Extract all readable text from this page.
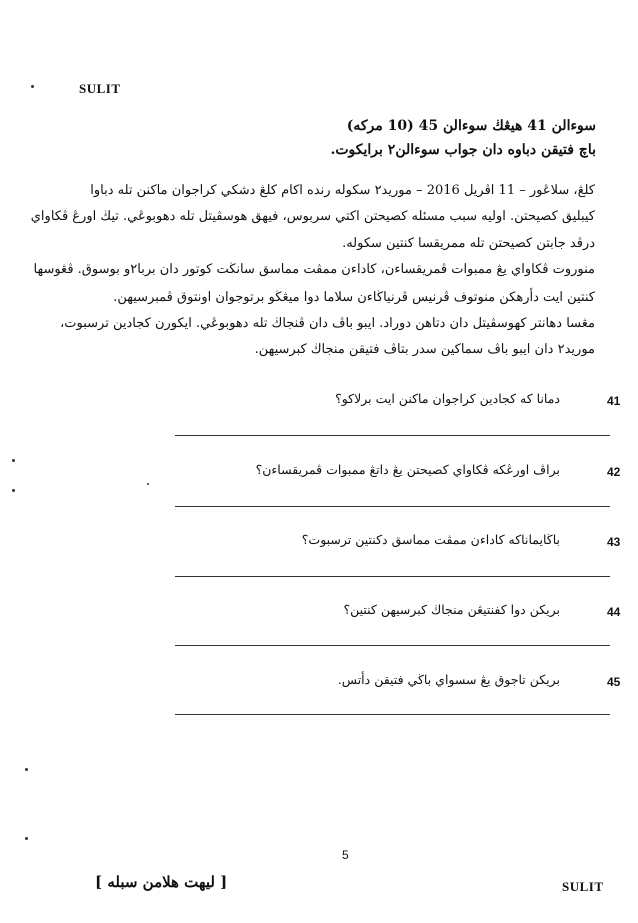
SULIT
سوءالن 41 هيڠڬ سوءالن 45 (10 مرکه)
باچ فتيقن دباوه دان جواب سوءالن٢ برايکوت.
کلڠ، سلاڠور – 11 اڤريل 2016 – موريد٢ سکوله رنده اکام کلڠ دشکي کراجوان ماکنن تله دباوا
کيبليق کصيحتن. اوليه سبب مسئله کصيحتن اکتي سربوس، فيهق هوسڤيتل تله دهوبوڠي. تيڬ اورڠ ڤکاواي
درڤد جابتن کصيحتن تله ممريقسا کنتين سکوله.
منوروت ڤکاواي يڠ ممبوات ڤمريقساءن، کاداءن ممڤت مماسق سانڬت کوتور دان بربا٢و بوسوق. ڤڠوسها
کنتين ايت دأرهکن منوتوف ڤرنيس ڤرنياڬاءن سلاما دوا ميڠڬو برتوجوان اونتوق ڤمبرسيهن.
مڠسا دهانتر کهوسڤيتل دان دتاهن دوراد. ايبو باڤ دان ڤنجاڬ تله دهوبوڠي. ايکورن کجادين ترسبوت،
موريد٢ دان ايبو باڤ سماکين سدر بتاڤ فتيقن منجاڬ کبرسيهن.
41
دمانا که کجادين کراجوان ماکنن ايت برلاکو؟
42
براڤ اورڠکه ڤکاواي کصيحتن يڠ داتڠ ممبوات ڤمريقساءن؟
43
باڬايماناکه کاداءن ممڤت مماسق دکنتين ترسبوت؟
44
بريکن دوا کفنتيڠن منجاڬ کبرسيهن کنتين؟
45
بريکن تاجوق يڠ سسواي باڬي فتيقن دأتس.
5
[ ليهت هلامن سبله ]	SULIT
